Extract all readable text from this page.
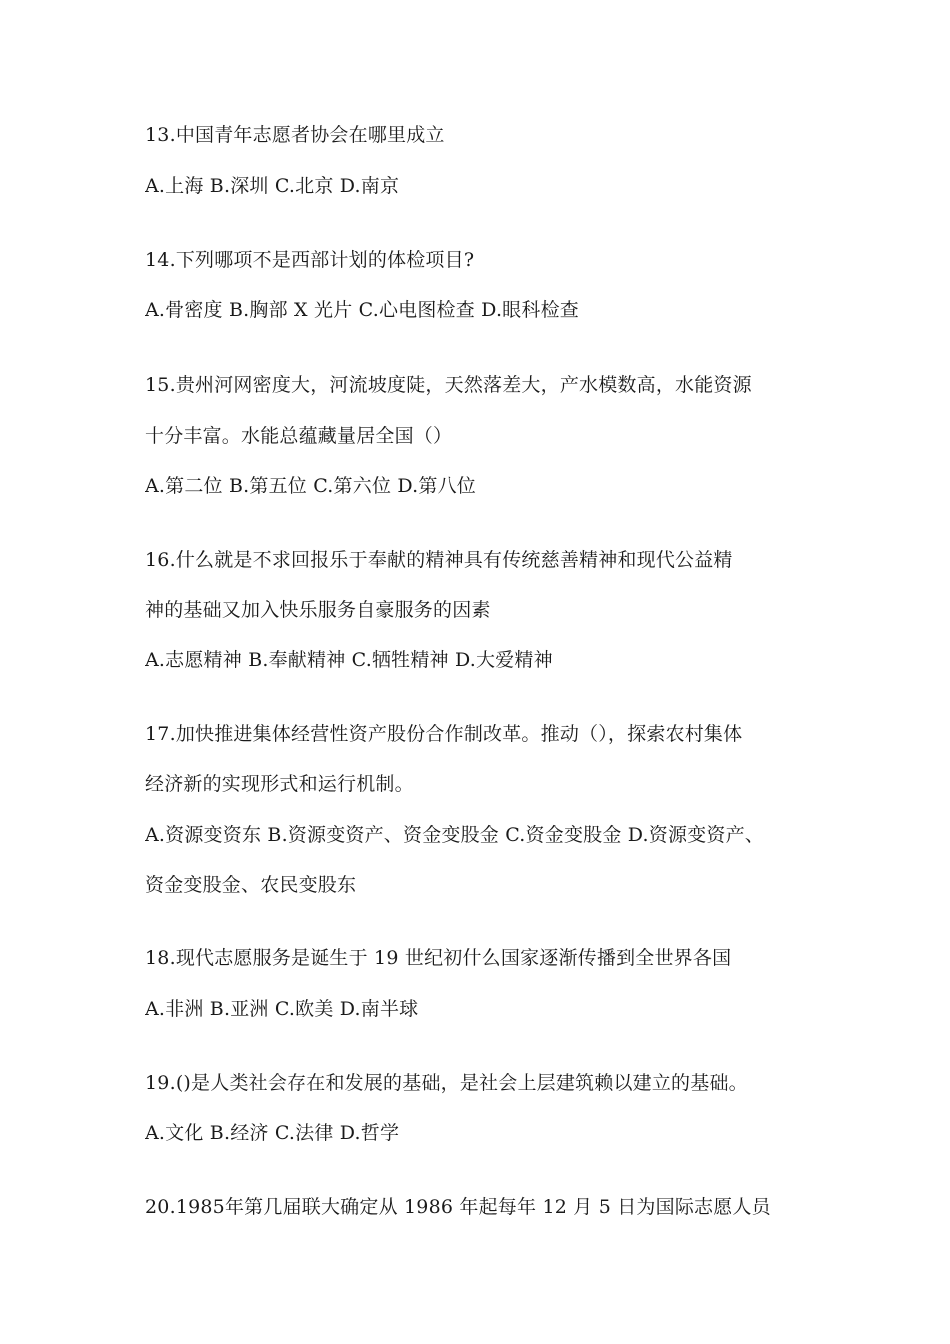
13.中国青年志愿者协会在哪里成立
A.上海 B.深圳 C.北京 D.南京
14.下列哪项不是西部计划的体检项目?
A.骨密度 B.胸部 X 光片 C.心电图检查 D.眼科检查
15.贵州河网密度大，河流坡度陡，天然落差大，产水模数高，水能资源
十分丰富。水能总蕴藏量居全国（）
A.第二位 B.第五位 C.第六位 D.第八位
16.什么就是不求回报乐于奉献的精神具有传统慈善精神和现代公益精
神的基础又加入快乐服务自豪服务的因素
A.志愿精神 B.奉献精神 C.牺牲精神 D.大爱精神
17.加快推进集体经营性资产股份合作制改革。推动（），探索农村集体
经济新的实现形式和运行机制。
A.资源变资东 B.资源变资产、资金变股金 C.资金变股金 D.资源变资产、
资金变股金、农民变股东
18.现代志愿服务是诞生于 19 世纪初什么国家逐渐传播到全世界各国
A.非洲 B.亚洲 C.欧美 D.南半球
19.()是人类社会存在和发展的基础，是社会上层建筑赖以建立的基础。
A.文化 B.经济 C.法律 D.哲学
20.1985年第几届联大确定从 1986 年起每年 12 月 5 日为国际志愿人员
